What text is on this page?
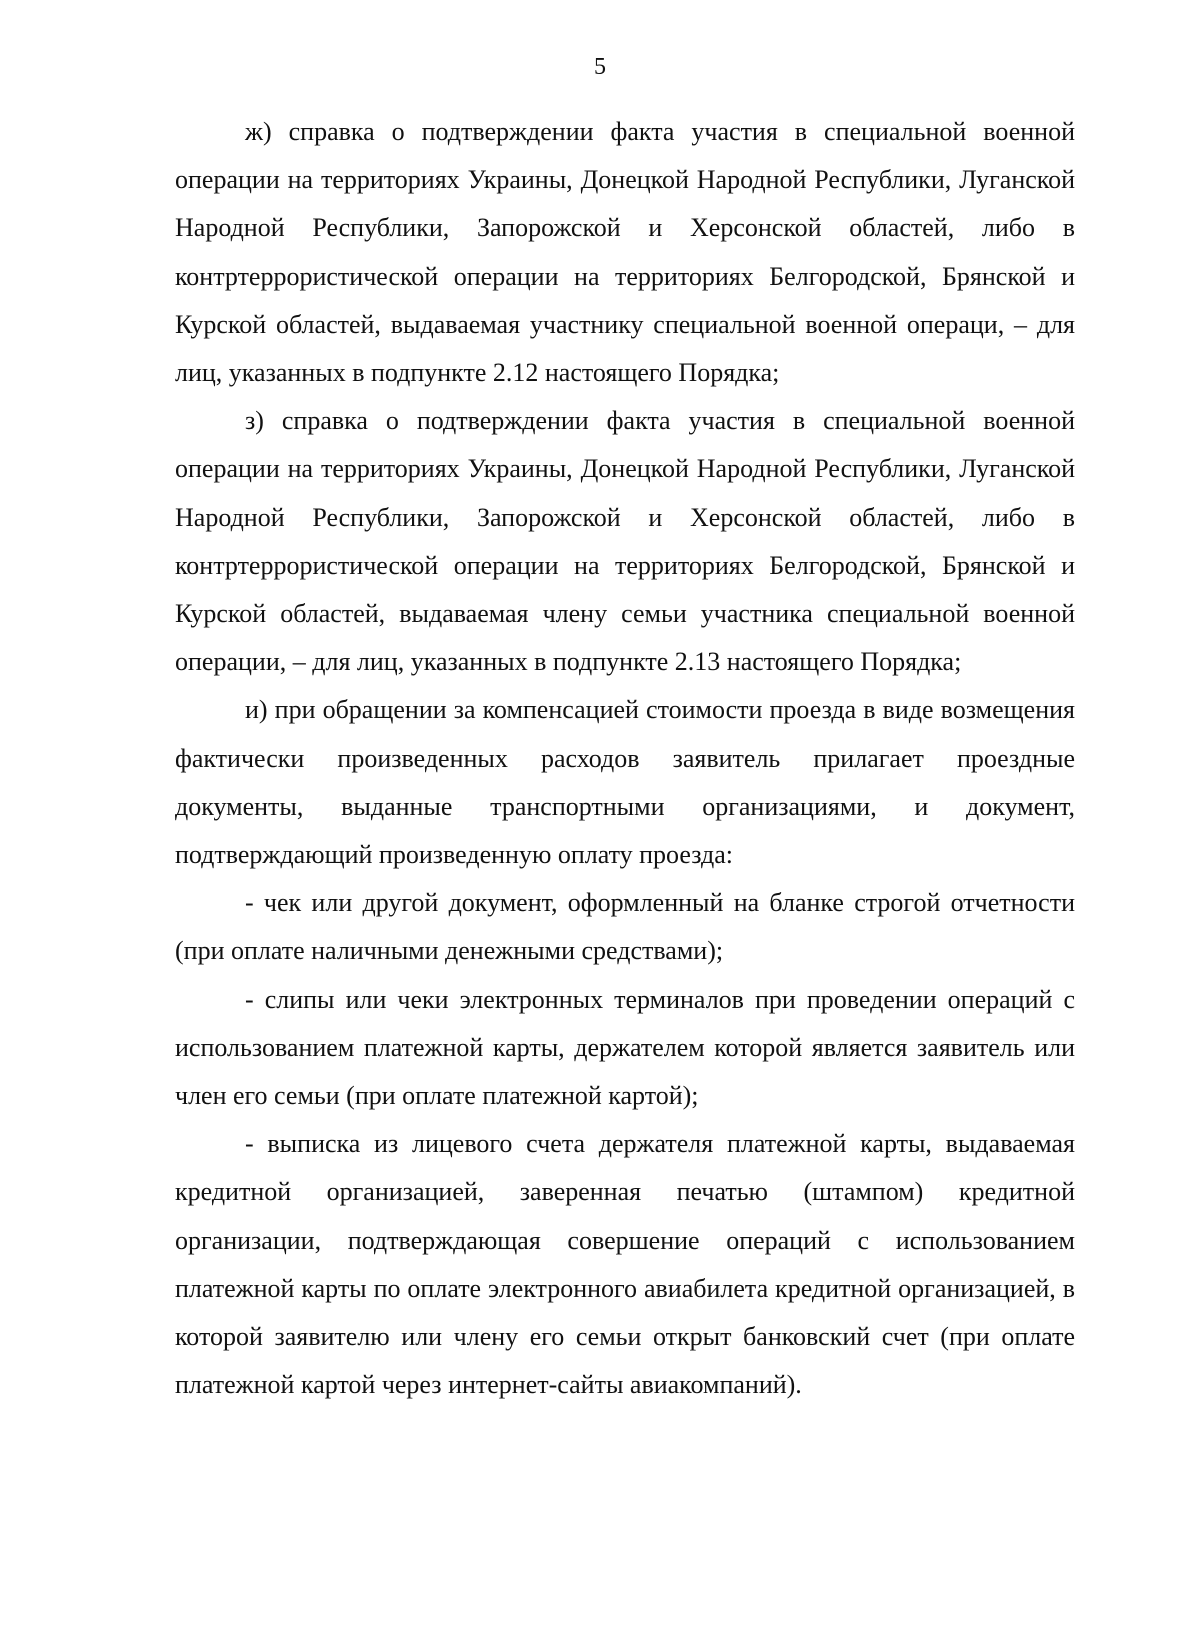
5

ж) справка о подтверждении факта участия в специальной военной операции на территориях Украины, Донецкой Народной Республики, Луганской Народной Республики, Запорожской и Херсонской областей, либо в контртеррористической операции на территориях Белгородской, Брянской и Курской областей, выдаваемая участнику специальной военной операци, – для лиц, указанных в подпункте 2.12 настоящего Порядка;

з) справка о подтверждении факта участия в специальной военной операции на территориях Украины, Донецкой Народной Республики, Луганской Народной Республики, Запорожской и Херсонской областей, либо в контртеррористической операции на территориях Белгородской, Брянской и Курской областей, выдаваемая члену семьи участника специальной военной операции, – для лиц, указанных в подпункте 2.13 настоящего Порядка;

и) при обращении за компенсацией стоимости проезда в виде возмещения фактически произведенных расходов заявитель прилагает проездные документы, выданные транспортными организациями, и документ, подтверждающий произведенную оплату проезда:

- чек или другой документ, оформленный на бланке строгой отчетности (при оплате наличными денежными средствами);

- слипы или чеки электронных терминалов при проведении операций с использованием платежной карты, держателем которой является заявитель или член его семьи (при оплате платежной картой);

- выписка из лицевого счета держателя платежной карты, выдаваемая кредитной организацией, заверенная печатью (штампом) кредитной организации, подтверждающая совершение операций с использованием платежной карты по оплате электронного авиабилета кредитной организацией, в которой заявителю или члену его семьи открыт банковский счет (при оплате платежной картой через интернет-сайты авиакомпаний).
